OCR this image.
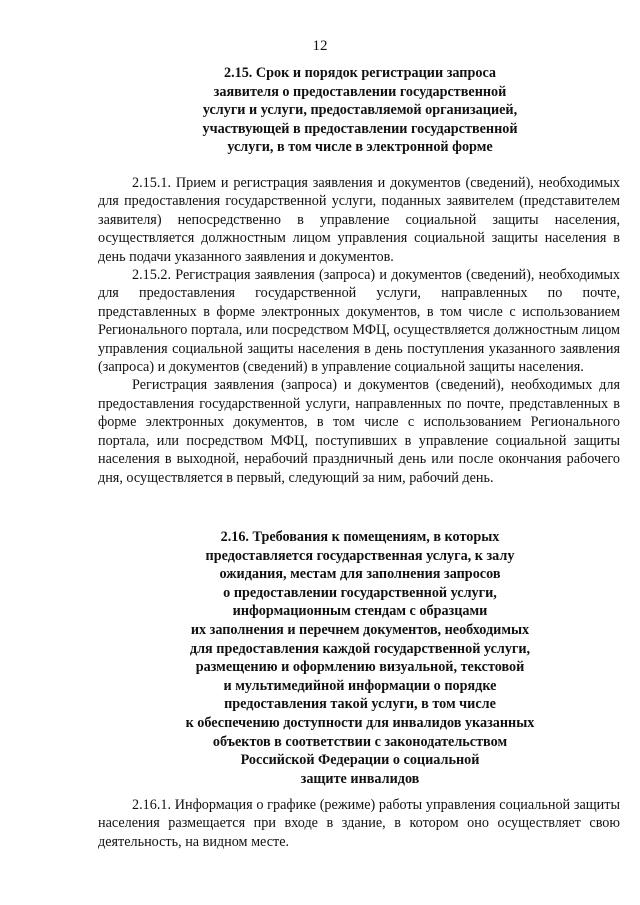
12
2.15. Срок и порядок регистрации запроса
заявителя о предоставлении государственной
услуги и услуги, предоставляемой организацией,
участвующей в предоставлении государственной
услуги, в том числе в электронной форме

2.15.1. Прием и регистрация заявления и документов (сведений), необходимых для предоставления государственной услуги, поданных заявителем (представителем заявителя) непосредственно в управление социальной защиты населения, осуществляется должностным лицом управления социальной защиты населения в день подачи указанного заявления и документов.

2.15.2. Регистрация заявления (запроса) и документов (сведений), необходимых для предоставления государственной услуги, направленных по почте, представленных в форме электронных документов, в том числе с использованием Регионального портала, или посредством МФЦ, осуществляется должностным лицом управления социальной защиты населения в день поступления указанного заявления (запроса) и документов (сведений) в управление социальной защиты населения.

Регистрация заявления (запроса) и документов (сведений), необходимых для предоставления государственной услуги, направленных по почте, представленных в форме электронных документов, в том числе с использованием Регионального портала, или посредством МФЦ, поступивших в управление социальной защиты населения в выходной, нерабочий праздничный день или после окончания рабочего дня, осуществляется в первый, следующий за ним, рабочий день.

2.16. Требования к помещениям, в которых
предоставляется государственная услуга, к залу
ожидания, местам для заполнения запросов
о предоставлении государственной услуги,
информационным стендам с образцами
их заполнения и перечнем документов, необходимых
для предоставления каждой государственной услуги,
размещению и оформлению визуальной, текстовой
и мультимедийной информации о порядке
предоставления такой услуги, в том числе
к обеспечению доступности для инвалидов указанных
объектов в соответствии с законодательством
Российской Федерации о социальной
защите инвалидов

2.16.1. Информация о графике (режиме) работы управления социальной защиты населения размещается при входе в здание, в котором оно осуществляет свою деятельность, на видном месте.
